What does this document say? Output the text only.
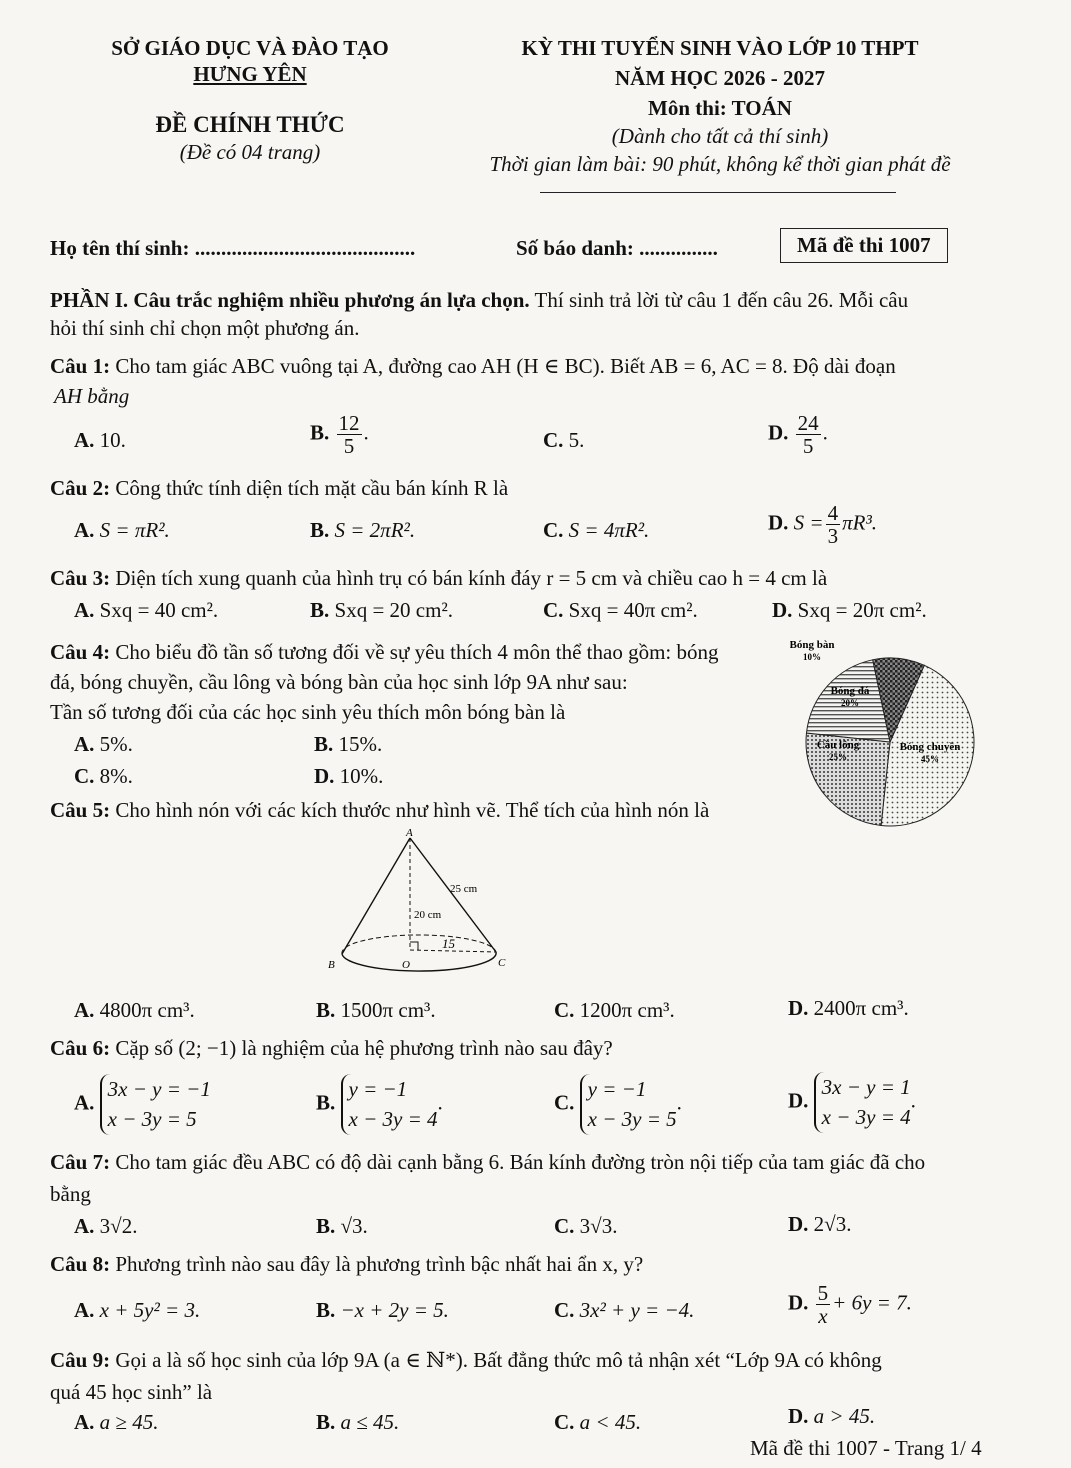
SỞ GIÁO DỤC VÀ ĐÀO TẠO
HƯNG YÊN
ĐỀ CHÍNH THỨC
(Đề có 04 trang)
KỲ THI TUYỂN SINH VÀO LỚP 10 THPT
NĂM HỌC 2026 - 2027
Môn thi: TOÁN
(Dành cho tất cả thí sinh)
Thời gian làm bài: 90 phút, không kể thời gian phát đề
Họ tên thí sinh: ..........................................	Số báo danh: ...............	Mã đề thi 1007
PHẦN I. Câu trắc nghiệm nhiều phương án lựa chọn. Thí sinh trả lời từ câu 1 đến câu 26. Mỗi câu
hỏi thí sinh chỉ chọn một phương án.
Câu 1: Cho tam giác ABC vuông tại A, đường cao AH (H ∈ BC). Biết AB = 6, AC = 8. Độ dài đoạn
AH bằng
A. 10.	B. $\frac{12}{5}$ .	C. 5.	D. $\frac{24}{5}$ .
Câu 2: Công thức tính diện tích mặt cầu bán kính R là
A. S = πR².	B. S = 2πR².	C. S = 4πR².	D. $S = \frac{4}{3} \pi R^3$.
Câu 3: Diện tích xung quanh của hình trụ có bán kính đáy r = 5 cm và chiều cao h = 4 cm là
A. Sxq = 40 cm².	B. Sxq = 20 cm².	C. Sxq = 40π cm².	D. Sxq = 20π cm².
Câu 4: Cho biểu đồ tần số tương đối về sự yêu thích 4 môn thể thao gồm: bóng
đá, bóng chuyền, cầu lông và bóng bàn của học sinh lớp 9A như sau:
Tần số tương đối của các học sinh yêu thích môn bóng bàn là
A. 5%.	B. 15%.
C. 8%.	D. 10%.
Bóng chuyền
45%
Cầu lông
25%
Bóng đá
20%
Bóng bàn
10%
Câu 5: Cho hình nón với các kích thước như hình vẽ. Thể tích của hình nón là
A
B	O	C
25 cm
20 cm
15
A. 4800π cm³.	B. 1500π cm³.	C. 1200π cm³.	D. 2400π cm³.
Câu 6: Cặp số (2; −1) là nghiệm của hệ phương trình nào sau đây?
A.
3x − y = −1
x − 3y = 5
B.
y = −1
x − 3y = 4
.	C.
y = −1
x − 3y = 5
.	D.
3x − y = 1
x − 3y = 4
.
Câu 7: Cho tam giác đều ABC có độ dài cạnh bằng 6. Bán kính đường tròn nội tiếp của tam giác đã cho
bằng
A. 3√2.	B. √3.	C. 3√3.	D. 2√3.
Câu 8: Phương trình nào sau đây là phương trình bậc nhất hai ẩn x, y?
A. x + 5y² = 3.	B. −x + 2y = 5.	C. 3x² + y = −4.	D. $\frac{5}{x} + 6y = 7$.
Câu 9: Gọi a là số học sinh của lớp 9A (a ∈ ℕ*). Bất đẳng thức mô tả nhận xét “Lớp 9A có không
quá 45 học sinh” là
A. a ≥ 45.	B. a ≤ 45.	C. a < 45.	D. a > 45.
Mã đề thi 1007 - Trang 1/ 4
